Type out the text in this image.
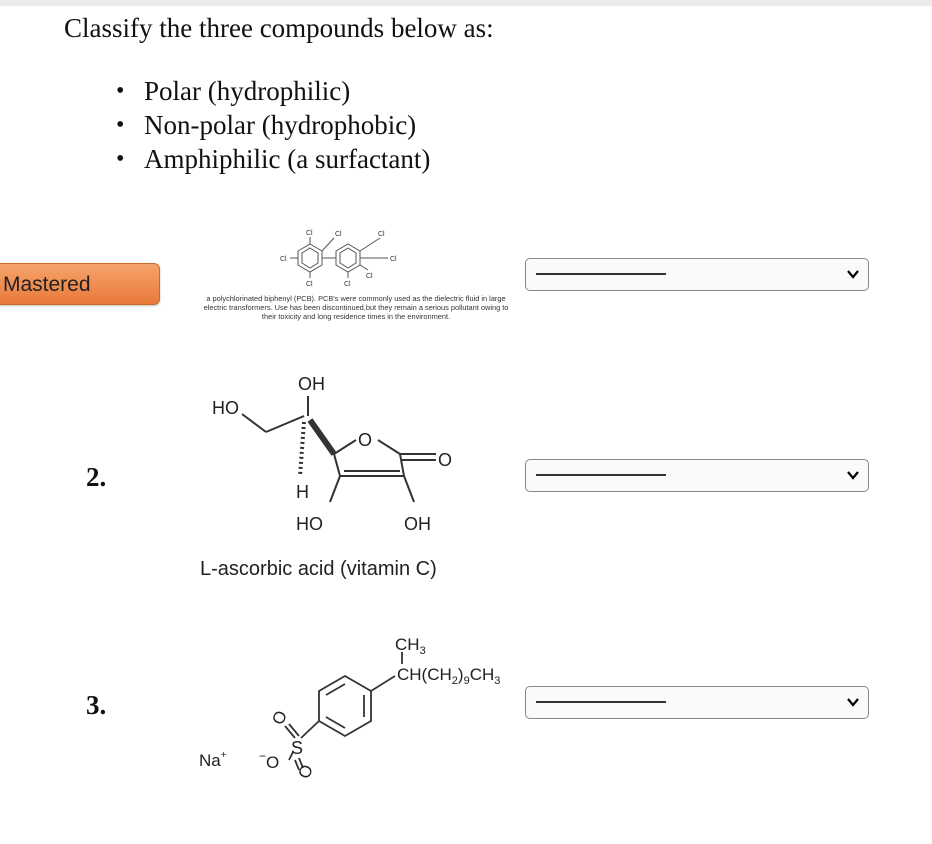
Classify the three compounds below as:
• Polar (hydrophilic)
• Non-polar (hydrophobic)
• Amphiphilic (a surfactant)
Mastered
Cl	Cl	Cl
Cl	Cl
Cl	Cl
Cl
a polychlorinated biphenyl (PCB). PCB's were commonly used as the dielectric fluid in large electric transformers. Use has been discontinued,but they remain a serious pollutant owing to their toxicity and long residence times in the environment.
2.
OH
HO
O
O
H
HO	OH
L-ascorbic acid (vitamin C)
3.
$CH_3$
$CH(CH_2)_9CH_3$
O
S
O
−O
Na+
